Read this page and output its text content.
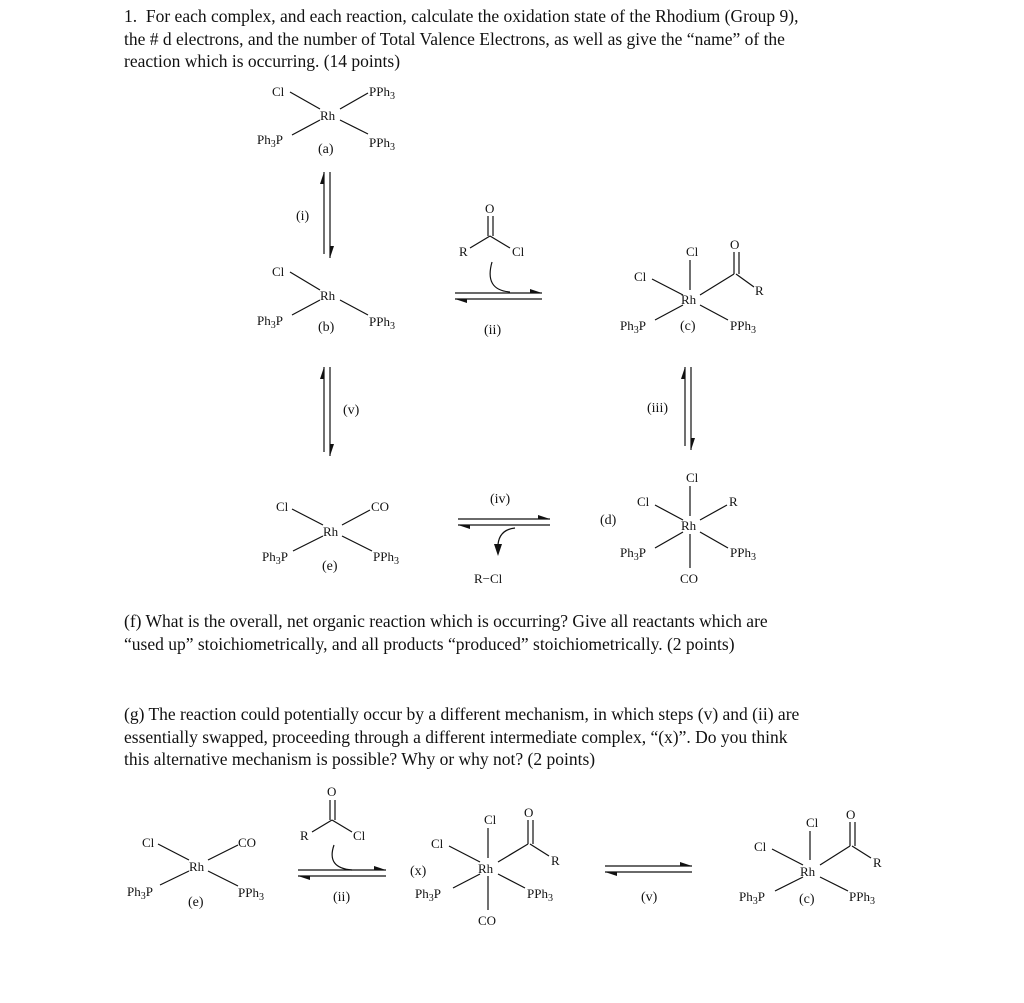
1. For each complex, and each reaction, calculate the oxidation state of the Rhodium (Group 9),
the # d electrons, and the number of Total Valence Electrons, as well as give the “name” of the
reaction which is occurring. (14 points)
(f) What is the overall, net organic reaction which is occurring? Give all reactants which are
“used up” stoichiometrically, and all products “produced” stoichiometrically. (2 points)
(g) The reaction could potentially occur by a different mechanism, in which steps (v) and (ii) are
essentially swapped, proceeding through a different intermediate complex, “(x)”. Do you think
this alternative mechanism is possible? Why or why not? (2 points)
Cl
Rh
PPh$_3$
$Ph_3P$	PPh$_3$
(a)
(i)
Cl
Rh
$Ph_3P$	PPh$_3$
(b)
O
R	Cl
(ii)
Cl
Cl
Rh
O
R
$Ph_3P$	PPh$_3$
(c)
(v)	(iii)
Cl	CO
Rh
$Ph_3P$	PPh$_3$
(e)
(iv)
R−Cl
(d)
Cl
Cl
Rh
R
$Ph_3P$	PPh$_3$
CO
Cl	CO
Rh
$Ph_3P$	PPh$_3$
(e)
O
R	Cl
(ii)
(x)
Cl
Cl
Rh
O
R
$Ph_3P$	PPh$_3$
CO
(v)
Cl
Cl
Rh
O
R
$Ph_3P$	PPh$_3$
(c)
